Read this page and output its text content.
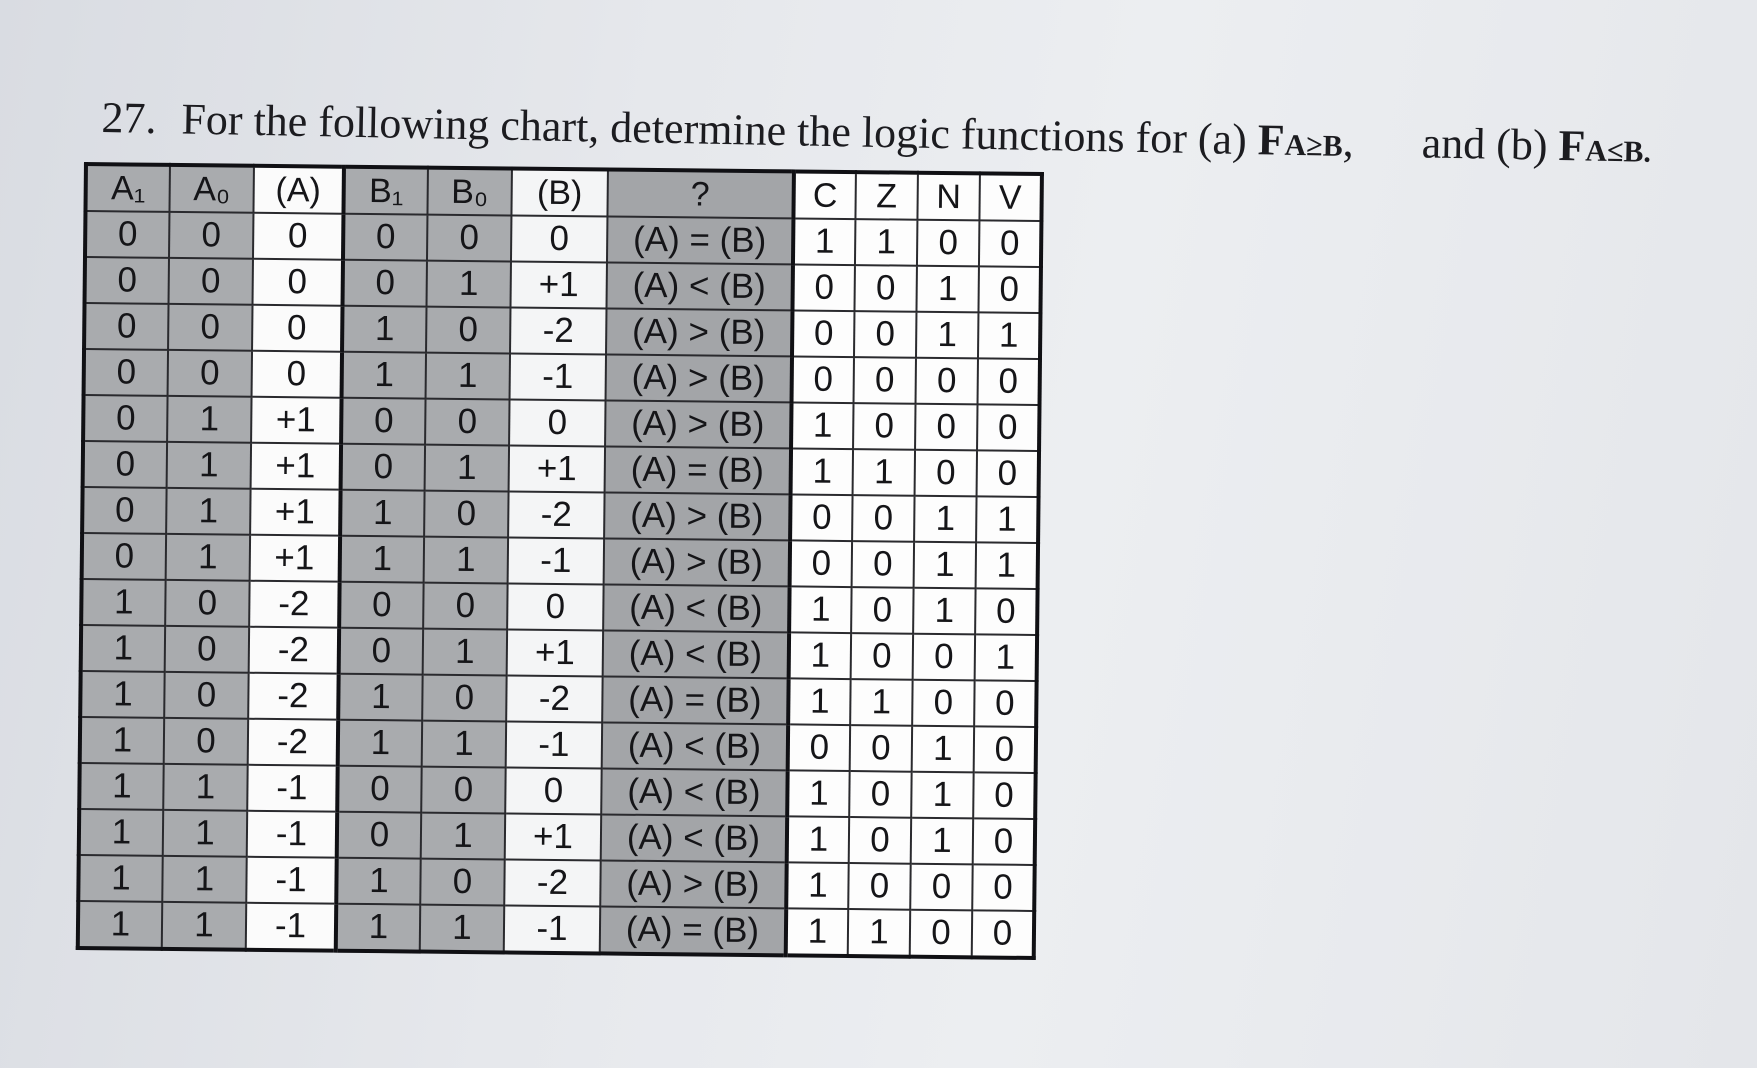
27. For the following chart, determine the logic functions for (a) FA≥B, and (b) FA≤B.
A₁	A₀	(A)	B₁	B₀	(B)	?	C	Z	N	V
0	0	0	0	0	0	(A) = (B)	1	1	0	0
0	0	0	0	1	+1	(A) < (B)	0	0	1	0
0	0	0	1	0	-2	(A) > (B)	0	0	1	1
0	0	0	1	1	-1	(A) > (B)	0	0	0	0
0	1	+1	0	0	0	(A) > (B)	1	0	0	0
0	1	+1	0	1	+1	(A) = (B)	1	1	0	0
0	1	+1	1	0	-2	(A) > (B)	0	0	1	1
0	1	+1	1	1	-1	(A) > (B)	0	0	1	1
1	0	-2	0	0	0	(A) < (B)	1	0	1	0
1	0	-2	0	1	+1	(A) < (B)	1	0	0	1
1	0	-2	1	0	-2	(A) = (B)	1	1	0	0
1	0	-2	1	1	-1	(A) < (B)	0	0	1	0
1	1	-1	0	0	0	(A) < (B)	1	0	1	0
1	1	-1	0	1	+1	(A) < (B)	1	0	1	0
1	1	-1	1	0	-2	(A) > (B)	1	0	0	0
1	1	-1	1	1	-1	(A) = (B)	1	1	0	0
